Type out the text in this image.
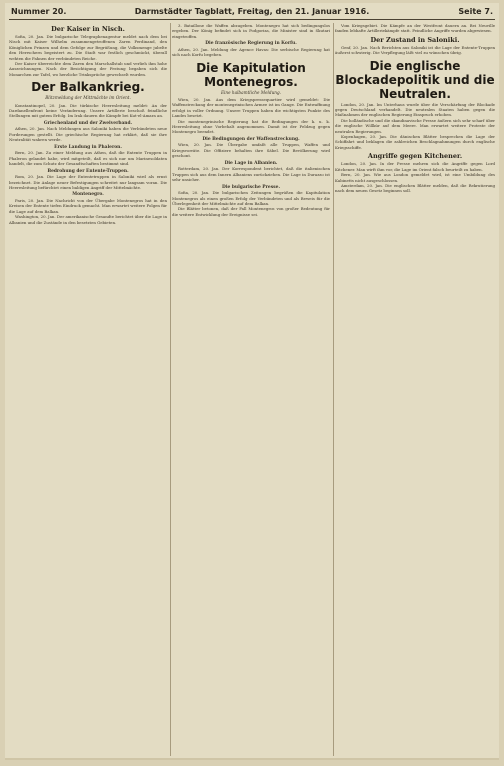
Nummer 20.	Darmstädter Tagblatt, Freitag, den 21. Januar 1916.	Seite 7.
Der Kaiser in Nisch.

Sofia, 20. Jan. Die bulgarische Telegraphenagentur meldet nach dem bei Nisch mit Kaiser Wilhelm zusammengetroffenen Zaren Ferdinand, den Königlichen Prinzen und dem Gefolge zur Begrüßung, die Volksmenge jubelte den Herrschern begeistert zu. Die Stadt war festlich geschmückt, überall wehten die Fahnen der verbündeten Reiche.

Der Kaiser überreichte dem Zaren den Marschallstab und verlieh ihm hohe Auszeichnungen. Nach der Besichtigung der Festung begaben sich die Monarchen zur Tafel, wo herzliche Trinksprüche gewechselt wurden.

Der Balkankrieg.
Blitzmeldung der Mittmächte im Orient.

Konstantinopel, 20. Jan. Die türkische Heeresleitung meldet: An der Dardanellenfront keine Veränderung. Unsere Artillerie beschoß feindliche Stellungen mit gutem Erfolg. Im Irak dauern die Kämpfe bei Kut-el-Amara an.

Griechenland und der Zweiverband.

Athen, 20. Jan. Nach Meldungen aus Saloniki haben die Verbündeten neue Forderungen gestellt. Die griechische Regierung hat erklärt, daß sie ihre Neutralität wahren werde.

Erste Landung in Phaleron.

Bern, 20. Jan. Zu einer Meldung aus Athen, daß die Entente Truppen in Phaleron gelandet habe, wird mitgeteilt, daß es sich nur um Marinesoldaten handelt, die zum Schutz der Gesandtschaften bestimmt sind.

Bedrohung der Entente-Truppen.

Rom, 20. Jan. Die Lage der Ententetruppen in Saloniki wird als ernst bezeichnet. Die Anlage neuer Befestigungen schreitet nur langsam voran. Die Heeresleitung befürchtet einen baldigen Angriff der Mittelmächte.

Montenegro.

Paris, 20. Jan. Die Nachricht von der Übergabe Montenegros hat in den Kreisen der Entente tiefen Eindruck gemacht. Man erwartet weitere Folgen für die Lage auf dem Balkan.

Washington, 20. Jan. Der amerikanische Gesandte berichtet über die Lage in Albanien und die Zustände in den besetzten Gebieten.

3. Bataillone die Waffen abzugeben. Montenegro hat sich bedingungslos ergeben. Der König befindet sich in Podgoriza, die Minister sind in Skutari eingetroffen.

Die französische Regierung in Korfu.

Athen, 20. Jan. Meldung der Agence Havas: Die serbische Regierung hat sich nach Korfu begeben.

Die Kapitulation Montenegros.
Eine halbamtliche Meldung.

Wien, 20. Jan. Aus dem Kriegspressequartier wird gemeldet: Die Waffenstreckung der montenegrinischen Armee ist im Gange. Die Entwaffnung erfolgt in voller Ordnung. Unsere Truppen haben die wichtigsten Punkte des Landes besetzt.

Die montenegrinische Regierung hat die Bedingungen der k. u. k. Heeresleitung ohne Vorbehalt angenommen. Damit ist der Feldzug gegen Montenegro beendet.

Die Bedingungen der Waffenstreckung.

Wien, 20. Jan. Die Übergabe umfaßt alle Truppen, Waffen und Kriegsvorräte. Die Offiziere behalten ihre Säbel. Die Bevölkerung wird geschont.

Die Lage in Albanien.

Rotterdam, 20. Jan. Der Korrespondent berichtet, daß die italienischen Truppen sich aus dem Innern Albaniens zurückziehen. Die Lage in Durazzo ist sehr unsicher.

Die bulgarische Presse.

Sofia, 20. Jan. Die bulgarischen Zeitungen begrüßen die Kapitulation Montenegros als einen großen Erfolg der Verbündeten und als Beweis für die Überlegenheit der Mittelmächte auf dem Balkan.

Die Blätter betonen, daß der Fall Montenegros von großer Bedeutung für die weitere Entwicklung der Ereignisse sei.

Vom Kriegsgebiet. Die Kämpfe an der Westfront dauern an. Bei Neuville fanden lebhafte Artilleriekämpfe statt. Feindliche Angriffe wurden abgewiesen.

Der Zustand in Saloniki.

Genf, 20. Jan. Nach Berichten aus Saloniki ist die Lage der Entente-Truppen äußerst schwierig. Die Verpflegung läßt viel zu wünschen übrig.

Die englische Blockadepolitik und die Neutralen.

London, 20. Jan. Im Unterhaus wurde über die Verschärfung der Blockade gegen Deutschland verhandelt. Die neutralen Staaten haben gegen die Maßnahmen der englischen Regierung Einspruch erhoben.

Die holländische und die skandinavische Presse äußern sich sehr scharf über die englische Willkür auf dem Meere. Man erwartet weitere Proteste der neutralen Regierungen.

Kopenhagen, 20. Jan. Die dänischen Blätter besprechen die Lage der Schiffahrt und beklagen die zahlreichen Beschlagnahmungen durch englische Kriegsschiffe.

Angriffe gegen Kitchener.

London, 20. Jan. In der Presse mehren sich die Angriffe gegen Lord Kitchener. Man wirft ihm vor, die Lage im Orient falsch beurteilt zu haben.

Bern, 20. Jan. Wie aus London gemeldet wird, ist eine Umbildung des Kabinetts nicht ausgeschlossen.

Amsterdam, 20. Jan. Die englischen Blätter melden, daß die Rekrutierung nach dem neuen Gesetz beginnen soll.
